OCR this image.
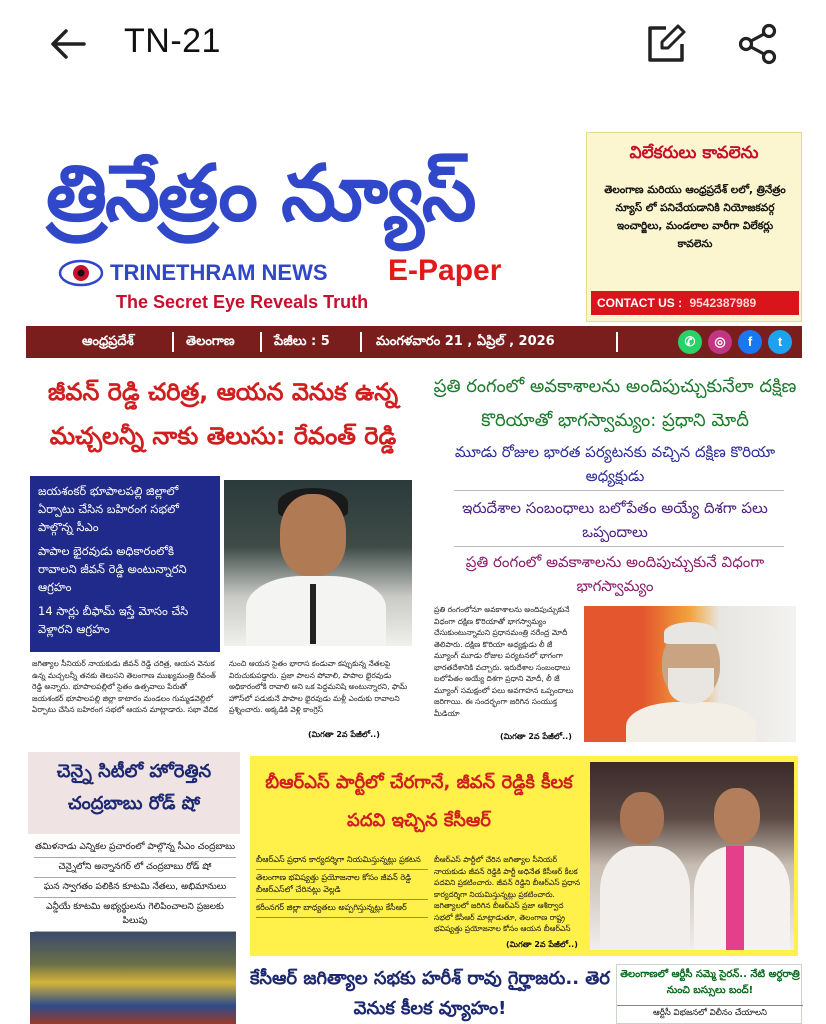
TN-21
త్రినేత్రం న్యూస్
TRINETHRAM NEWS E-Paper
The Secret Eye Reveals Truth
విలేకరులు కావలెను
తెలంగాణ మరియు ఆంధ్రప్రదేశ్ లలో, త్రినేత్రం న్యూస్ లో పనిచేయడానికి నియోజకవర్గ ఇంచార్జిలు, మండలాల వారీగా విలేకర్లు కావలెను
CONTACT US : 9542387989
ఆంధ్రప్రదేశ్	తెలంగాణ	పేజీలు : 5	మంగళవారం 21 , ఏప్రిల్ , 2026	✆	◎	f	t
జీవన్ రెడ్డి చరిత్ర, ఆయన వెనుక ఉన్న మచ్చలన్నీ నాకు తెలుసు: రేవంత్ రెడ్డి

జయశంకర్ భూపాలపల్లి జిల్లాలో ఏర్పాటు చేసిన బహిరంగ సభలో పాల్గొన్న సీఎం

పాపాల భైరవుడు అధికారంలోకి రావాలని జీవన్ రెడ్డి అంటున్నారని ఆగ్రహం

14 సార్లు బీఫామ్ ఇస్తే మోసం చేసి వెళ్లారని ఆగ్రహం

జగిత్యాల సీనియర్ నాయకుడు జీవన్ రెడ్డి చరిత్ర, ఆయన వెనుక ఉన్న మచ్చలన్నీ తనకు తెలుసని తెలంగాణ ముఖ్యమంత్రి రేవంత్ రెడ్డి అన్నారు. భూపాలపల్లిలో సైతం ఉత్సవాలు పేరుతో జయశంకర్ భూపాలపల్లి జిల్లా కాటారం మండలం గుమ్మడవెల్లిలో ఏర్పాటు చేసిన బహిరంగ సభలో ఆయన మాట్లాడారు. సభా వేదిక నుంచి ఆయన సైతం భారాస కండువా కప్పుకున్న నేతలపై విరుచుకుపడ్డారు. ప్రజా పాలన పోవాలి, పాపాల భైరవుడు అధికారంలోకి రావాలి అని ఒక పెద్దమనిషి అంటున్నారని, ఫామ్ హౌస్‌లో పడుకునే పాపాల భైరవుడు మళ్లీ ఎందుకు రావాలని ప్రశ్నించారు. అక్కడికి వెళ్లి కాంగ్రెస్
(మిగతా 2వ పేజీలో..)
ప్రతి రంగంలో అవకాశాలను అందిపుచ్చుకునేలా దక్షిణ కొరియాతో భాగస్వామ్యం: ప్రధాని మోదీ
మూడు రోజుల భారత పర్యటనకు వచ్చిన దక్షిణ కొరియా అధ్యక్షుడు
ఇరుదేశాల సంబంధాలు బలోపేతం అయ్యే దిశగా పలు ఒప్పందాలు
ప్రతి రంగంలో అవకాశాలను అందిపుచ్చుకునే విధంగా భాగస్వామ్యం
ప్రతి రంగంలోనూ అవకాశాలను అందిపుచ్చుకునే విధంగా దక్షిణ కొరియాతో భాగస్వామ్యం చేసుకుంటున్నామని ప్రధానమంత్రి నరేంద్ర మోదీ తెలిపారు. దక్షిణ కొరియా అధ్యక్షుడు లీ జే మ్యూంగ్ మూడు రోజుల పర్యటనలో భాగంగా భారతదేశానికి వచ్చారు. ఇరుదేశాల సంబంధాలు బలోపేతం అయ్యే దిశగా ప్రధాని మోదీ, లీ జే మ్యూంగ్ సమక్షంలో పలు అవగాహన ఒప్పందాలు జరిగాయి. ఈ సందర్భంగా జరిగిన సంయుక్త మీడియా
(మిగతా 2వ పేజీలో..)
చెన్నై సిటీలో హోరెత్తిన చంద్రబాబు రోడ్ షో

తమిళనాడు ఎన్నికల ప్రచారంలో పాల్గొన్న సీఎం చంద్రబాబు

చెన్నైలోని అన్నానగర్ లో చంద్రబాబు రోడ్ షో

ఘన స్వాగతం పలికిన కూటమి నేతలు, అభిమానులు

ఎన్డీయే కూటమి అభ్యర్థులను గెలిపించాలని ప్రజలకు పిలుపు

బీఆర్ఎస్ పార్టీలో చేరగానే, జీవన్ రెడ్డికి కీలక పదవి ఇచ్చిన కేసీఆర్

బీఆర్ఎస్ ప్రధాన కార్యదర్శిగా నియమిస్తున్నట్లు ప్రకటన

తెలంగాణ భవిష్యత్తు ప్రయోజనాల కోసం జీవన్ రెడ్డి బీఆర్ఎస్‌లో చేరినట్లు వెల్లడి

కరీంనగర్ జిల్లా బాధ్యతలు అప్పగిస్తున్నట్లు కేసీఆర్

బీఆర్ఎస్ పార్టీలో చేరిన జగిత్యాల సీనియర్ నాయకుడు జీవన్ రెడ్డికి పార్టీ అధినేత కేసీఆర్ కీలక పదవిని ప్రకటించారు. జీవన్ రెడ్డిని బీఆర్ఎస్ ప్రధాన కార్యదర్శిగా నియమిస్తున్నట్లు ప్రకటించారు. జగిత్యాలలో జరిగిన బీఆర్ఎస్ ప్రజా ఆశీర్వాద సభలో కేసీఆర్ మాట్లాడుతూ, తెలంగాణ రాష్ట్ర భవిష్యత్తు ప్రయోజనాల కోసం ఆయన బీఆర్ఎస్
(మిగతా 2వ పేజీలో..)
కేసీఆర్ జగిత్యాల సభకు హరీశ్ రావు గైర్హాజరు.. తెర వెనుక కీలక వ్యూహం!
తెలంగాణలో ఆర్టీసీ సమ్మె సైరన్.. నేటి అర్ధరాత్రి నుంచి బస్సులు బంద్!
ఆర్టీసీ విభజనలో విలీనం చేయాలని
